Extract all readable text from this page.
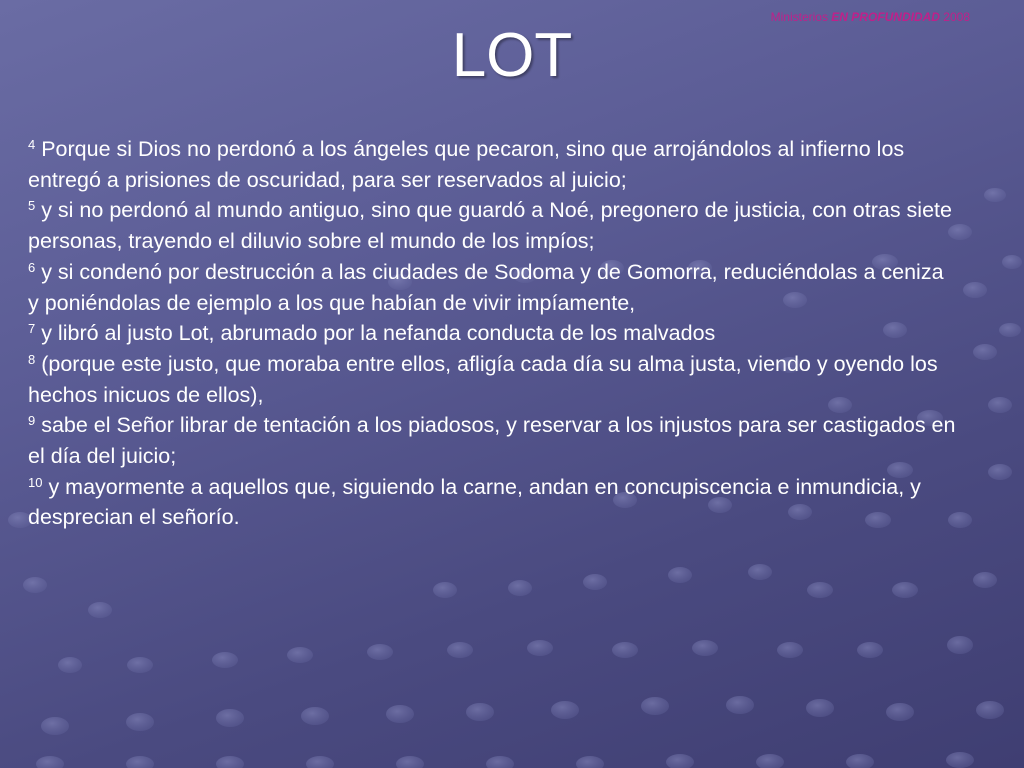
Ministerios EN PROFUNDIDAD 2008
LOT

$^4$ Porque si Dios no perdonó a los ángeles que pecaron, sino que arrojándolos al infierno los entregó a prisiones de oscuridad, para ser reservados al juicio;

$^5$ y si no perdonó al mundo antiguo, sino que guardó a Noé, pregonero de justicia, con otras siete personas, trayendo el diluvio sobre el mundo de los impíos;

$^6$ y si condenó por destrucción a las ciudades de Sodoma y de Gomorra, reduciéndolas a ceniza y poniéndolas de ejemplo a los que habían de vivir impíamente,

$^7$ y libró al justo Lot, abrumado por la nefanda conducta de los malvados

$^8$ (porque este justo, que moraba entre ellos, afligía cada día su alma justa, viendo y oyendo los hechos inicuos de ellos),

$^9$ sabe el Señor librar de tentación a los piadosos, y reservar a los injustos para ser castigados en el día del juicio;

$^{10}$ y mayormente a aquellos que, siguiendo la carne, andan en concupiscencia e inmundicia, y desprecian el señorío.
